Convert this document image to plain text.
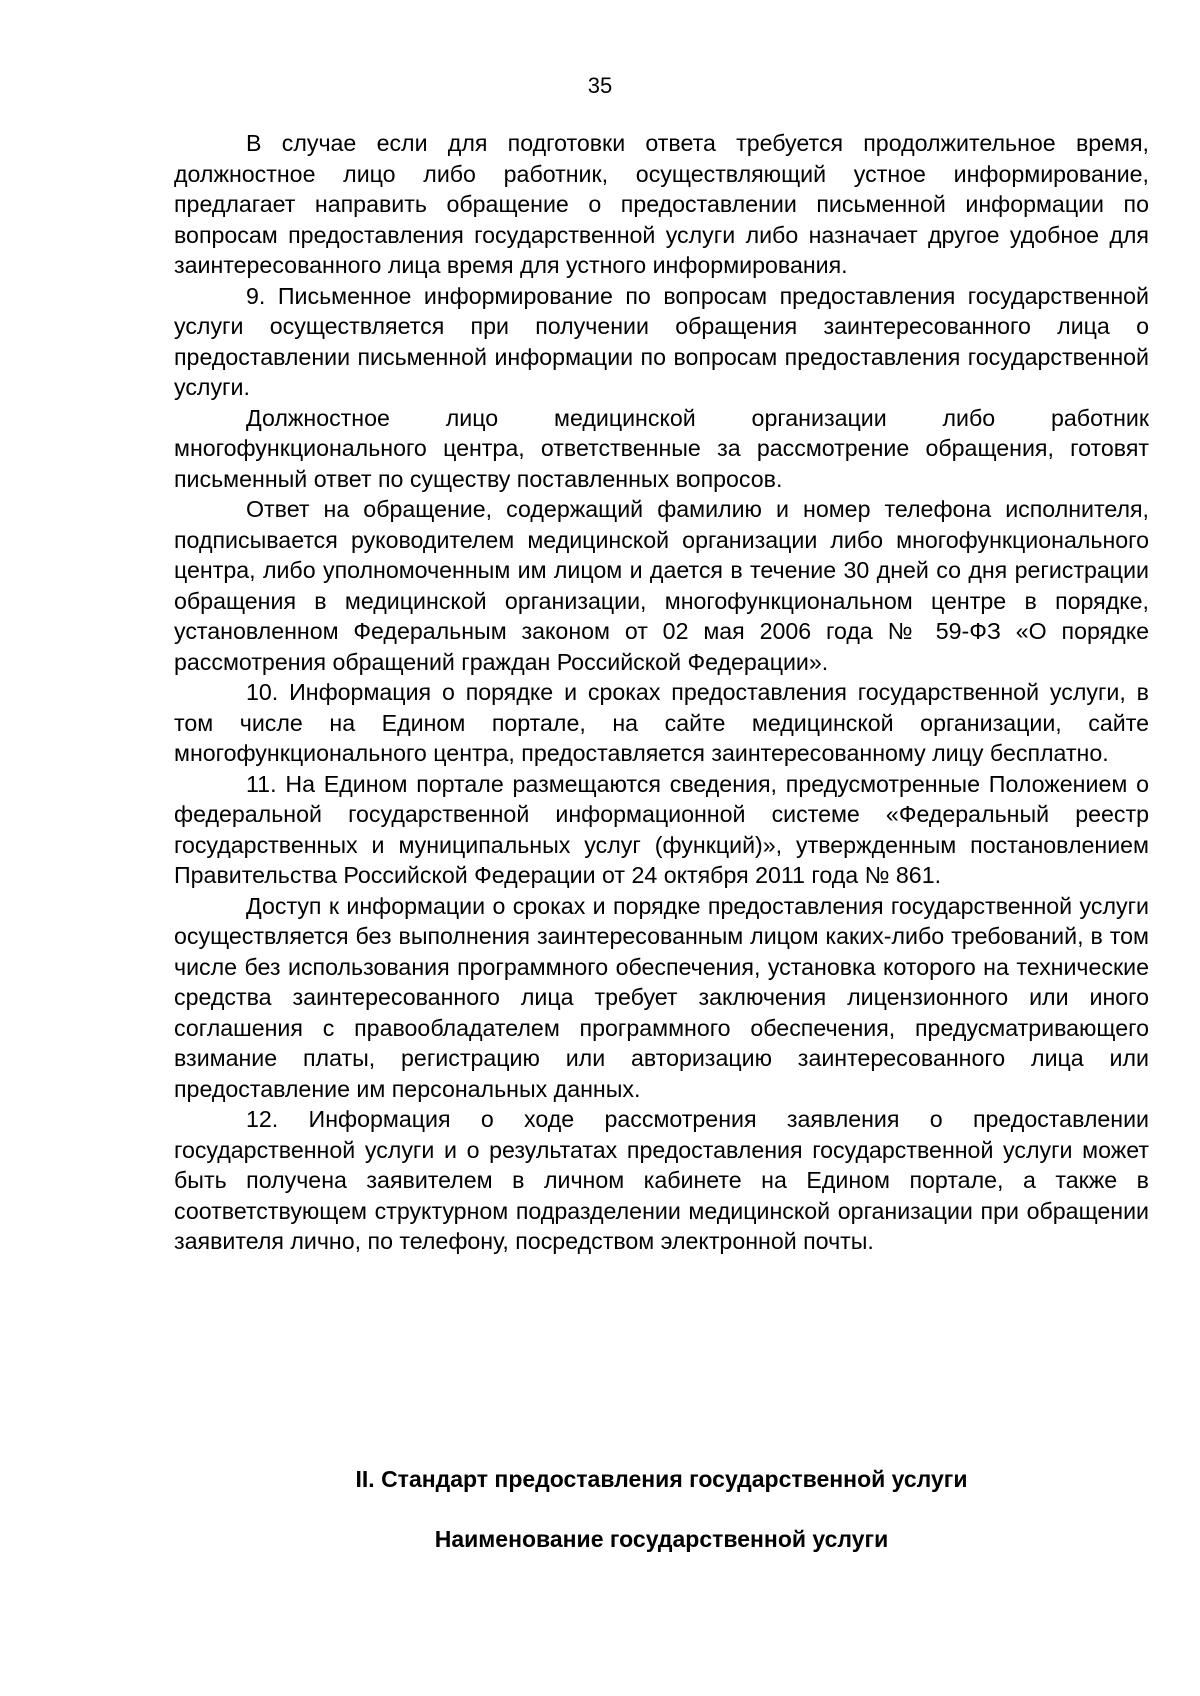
35

В случае если для подготовки ответа требуется продолжительное время, должностное лицо либо работник, осуществляющий устное информирование, предлагает направить обращение о предоставлении письменной информации по вопросам предоставления государственной услуги либо назначает другое удобное для заинтересованного лица время для устного информирования.

9. Письменное информирование по вопросам предоставления государственной услуги осуществляется при получении обращения заинтересованного лица о предоставлении письменной информации по вопросам предоставления государственной услуги.

Должностное лицо медицинской организации либо работник многофункционального центра, ответственные за рассмотрение обращения, готовят письменный ответ по существу поставленных вопросов.

Ответ на обращение, содержащий фамилию и номер телефона исполнителя, подписывается руководителем медицинской организации либо многофункционального центра, либо уполномоченным им лицом и дается в течение 30 дней со дня регистрации обращения в медицинской организации, многофункциональном центре в порядке, установленном Федеральным законом от 02 мая 2006 года № 59-ФЗ «О порядке рассмотрения обращений граждан Российской Федерации».

10. Информация о порядке и сроках предоставления государственной услуги, в том числе на Едином портале, на сайте медицинской организации, сайте многофункционального центра, предоставляется заинтересованному лицу бесплатно.

11. На Едином портале размещаются сведения, предусмотренные Положением о федеральной государственной информационной системе «Федеральный реестр государственных и муниципальных услуг (функций)», утвержденным постановлением Правительства Российской Федерации от 24 октября 2011 года № 861.

Доступ к информации о сроках и порядке предоставления государственной услуги осуществляется без выполнения заинтересованным лицом каких-либо требований, в том числе без использования программного обеспечения, установка которого на технические средства заинтересованного лица требует заключения лицензионного или иного соглашения с правообладателем программного обеспечения, предусматривающего взимание платы, регистрацию или авторизацию заинтересованного лица или предоставление им персональных данных.

12. Информация о ходе рассмотрения заявления о предоставлении государственной услуги и о результатах предоставления государственной услуги может быть получена заявителем в личном кабинете на Едином портале, а также в соответствующем структурном подразделении медицинской организации при обращении заявителя лично, по телефону, посредством электронной почты.

II. Стандарт предоставления государственной услуги
Наименование государственной услуги
